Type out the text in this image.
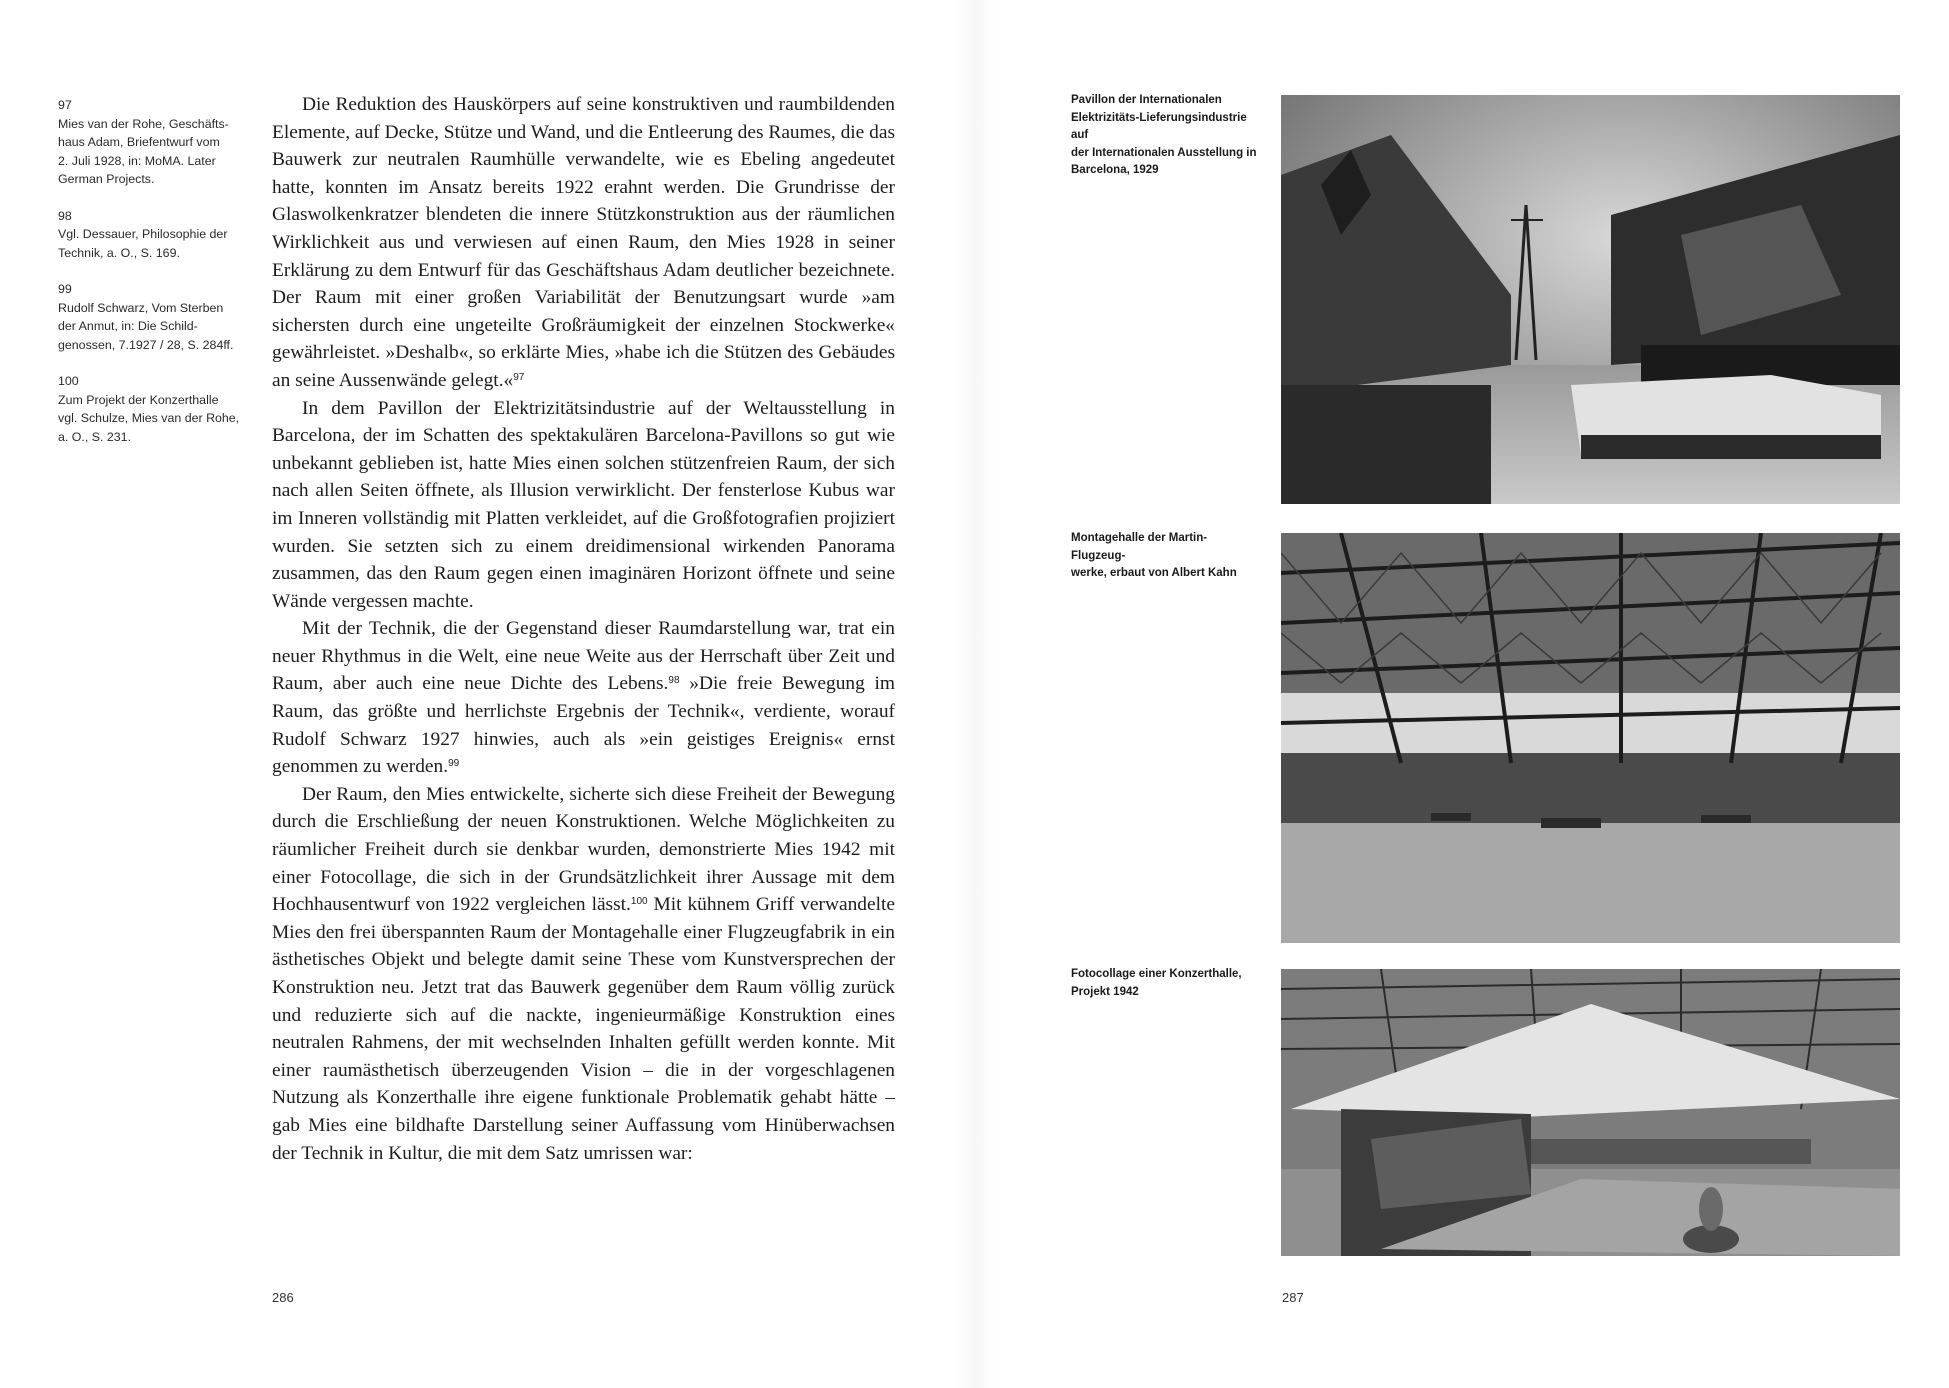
97
Mies van der Rohe, Geschäfts-
haus Adam, Briefentwurf vom
2. Juli 1928, in: MoMA. Later
German Projects.
98
Vgl. Dessauer, Philosophie der
Technik, a. O., S. 169.
99
Rudolf Schwarz, Vom Sterben
der Anmut, in: Die Schild-
genossen, 7.1927 / 28, S. 284ff.
100
Zum Projekt der Konzerthalle
vgl. Schulze, Mies van der Rohe,
a. O., S. 231.

Die Reduktion des Hauskörpers auf seine konstruktiven und raumbildenden Elemente, auf Decke, Stütze und Wand, und die Entleerung des Raumes, die das Bauwerk zur neutralen Raumhülle verwandelte, wie es Ebeling angedeutet hatte, konnten im Ansatz bereits 1922 erahnt werden. Die Grundrisse der Glaswolkenkratzer blendeten die innere Stützkonstruktion aus der räumlichen Wirklichkeit aus und verwiesen auf einen Raum, den Mies 1928 in seiner Erklärung zu dem Entwurf für das Geschäftshaus Adam deutlicher bezeichnete. Der Raum mit einer großen Variabilität der Benutzungsart wurde »am sichersten durch eine ungeteilte Großräumigkeit der einzelnen Stockwerke« gewährleistet. »Deshalb«, so erklärte Mies, »habe ich die Stützen des Gebäudes an seine Aussenwände gelegt.«$^{97}$

In dem Pavillon der Elektrizitätsindustrie auf der Weltausstellung in Barcelona, der im Schatten des spektakulären Barcelona-Pavillons so gut wie unbekannt geblieben ist, hatte Mies einen solchen stützenfreien Raum, der sich nach allen Seiten öffnete, als Illusion verwirklicht. Der fensterlose Kubus war im Inneren vollständig mit Platten verkleidet, auf die Großfotografien projiziert wurden. Sie setzten sich zu einem dreidimensional wirkenden Panorama zusammen, das den Raum gegen einen imaginären Horizont öffnete und seine Wände vergessen machte.

Mit der Technik, die der Gegenstand dieser Raumdarstellung war, trat ein neuer Rhythmus in die Welt, eine neue Weite aus der Herrschaft über Zeit und Raum, aber auch eine neue Dichte des Lebens.$^{98}$ »Die freie Bewegung im Raum, das größte und herrlichste Ergebnis der Technik«, verdiente, worauf Rudolf Schwarz 1927 hinwies, auch als »ein geistiges Ereignis« ernst genommen zu werden.$^{99}$

Der Raum, den Mies entwickelte, sicherte sich diese Freiheit der Bewegung durch die Erschließung der neuen Konstruktionen. Welche Möglichkeiten zu räumlicher Freiheit durch sie denkbar wurden, demonstrierte Mies 1942 mit einer Fotocollage, die sich in der Grundsätzlichkeit ihrer Aussage mit dem Hochhausentwurf von 1922 vergleichen lässt.$^{100}$ Mit kühnem Griff verwandelte Mies den frei überspannten Raum der Montagehalle einer Flugzeugfabrik in ein ästhetisches Objekt und belegte damit seine These vom Kunstversprechen der Konstruktion neu. Jetzt trat das Bauwerk gegenüber dem Raum völlig zurück und reduzierte sich auf die nackte, ingenieurmäßige Konstruktion eines neutralen Rahmens, der mit wechselnden Inhalten gefüllt werden konnte. Mit einer raumästhetisch überzeugenden Vision – die in der vorgeschlagenen Nutzung als Konzerthalle ihre eigene funktionale Problematik gehabt hätte – gab Mies eine bildhafte Darstellung seiner Auffassung vom Hinüberwachsen der Technik in Kultur, die mit dem Satz umrissen war:

286
Pavillon der Internationalen
Elektrizitäts-Lieferungsindustrie auf
der Internationalen Ausstellung in
Barcelona, 1929
Montagehalle der Martin-Flugzeug-
werke, erbaut von Albert Kahn
Fotocollage einer Konzerthalle,
Projekt 1942
287
